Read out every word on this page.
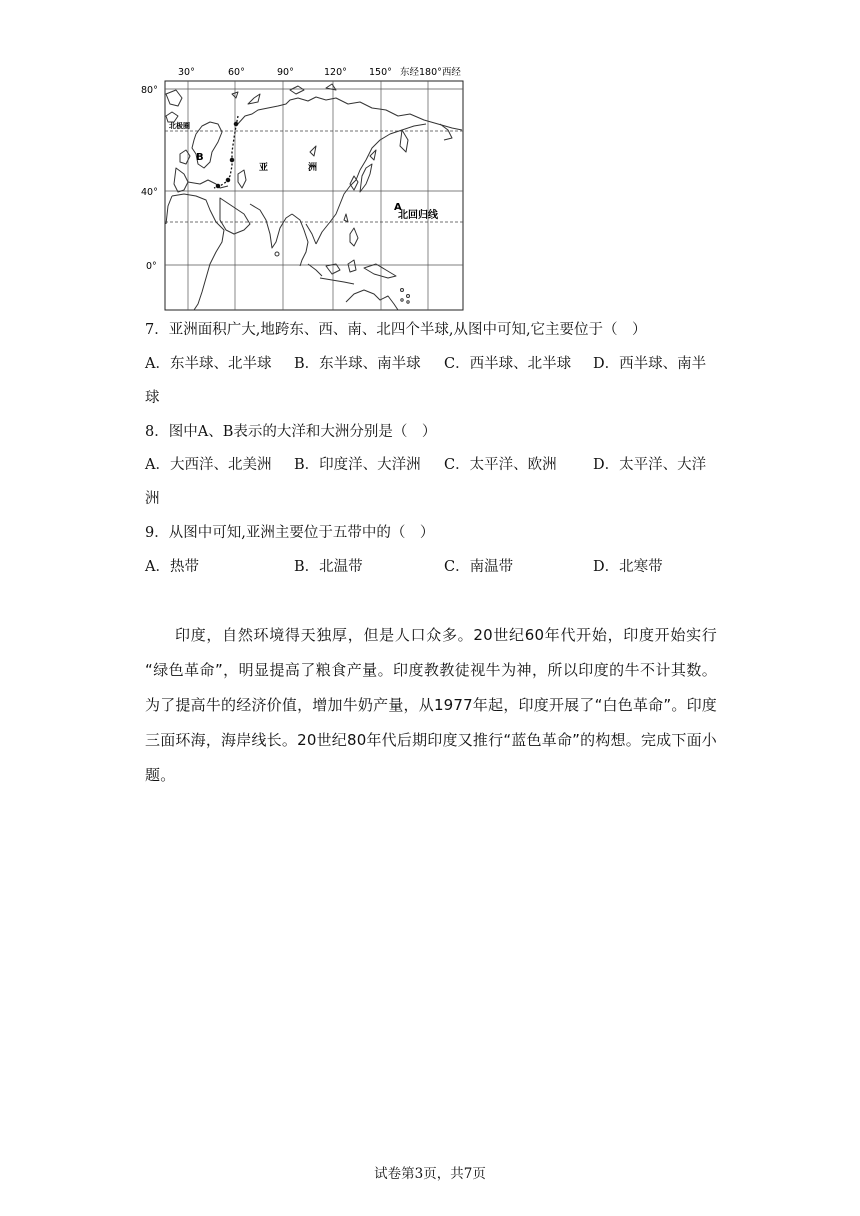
30°	60°	90°	120° 150° 东经180°西经
80°
40°
0°
北极圈
B
亚	洲
A
北回归线
7．亚洲面积广大,地跨东、西、南、北四个半球,从图中可知,它主要位于（　）
A．东半球、北半球 B．东半球、南半球 C．西半球、北半球 D．西半球、南半
球
8．图中A、B表示的大洋和大洲分别是（　）
A．大西洋、北美洲 B．印度洋、大洋洲 C．太平洋、欧洲	D．太平洋、大洋
洲
9．从图中可知,亚洲主要位于五带中的（　）
A．热带	B．北温带	C．南温带	D．北寒带
印度，自然环境得天独厚，但是人口众多。20世纪60年代开始，印度开始实行 “绿色革命”，明显提高了粮食产量。印度教教徒视牛为神，所以印度的牛不计其数。为了提高牛的经济价值，增加牛奶产量，从1977年起，印度开展了“白色革命”。印度三面环海，海岸线长。20世纪80年代后期印度又推行“蓝色革命”的构想。完成下面小题。
试卷第3页，共7页
